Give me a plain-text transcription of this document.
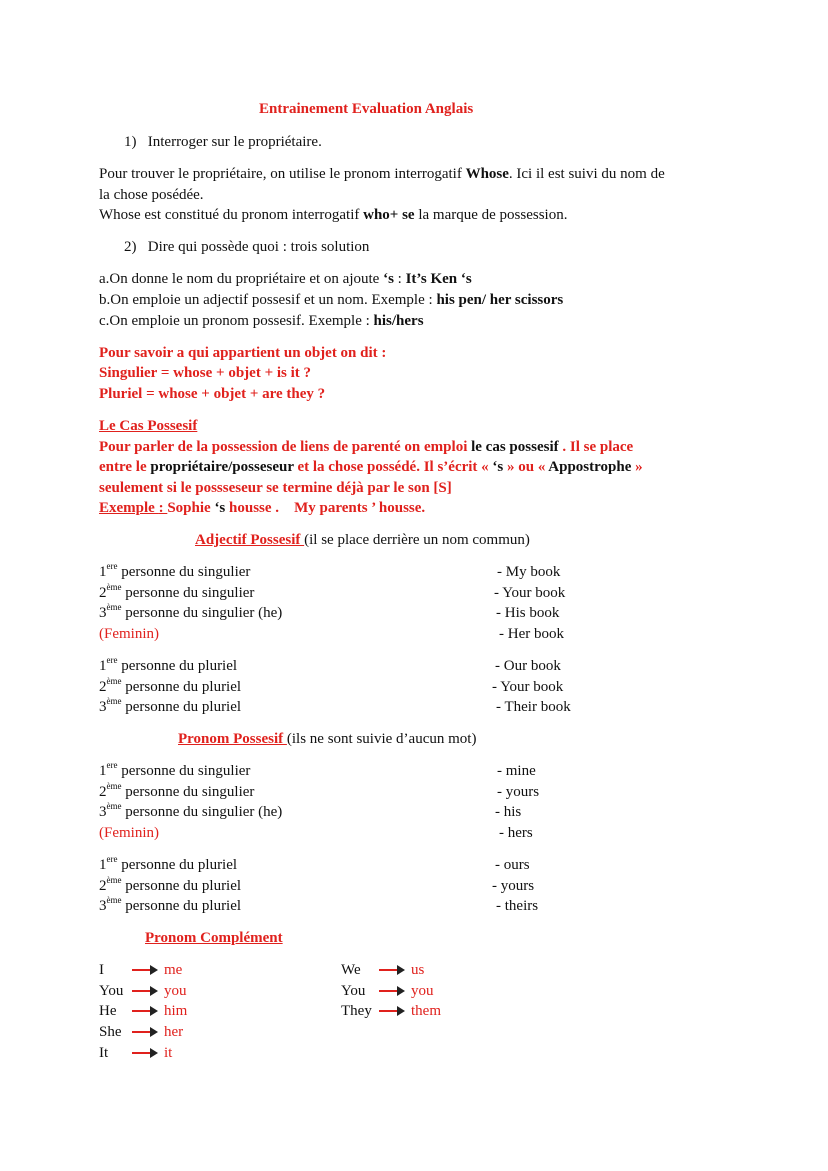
Entrainement Evaluation Anglais
1) Interroger sur le propriétaire.
Pour trouver le propriétaire, on utilise le pronom interrogatif Whose. Ici il est suivi du nom de
la chose posédée.
Whose est constitué du pronom interrogatif who+ se la marque de possession.
2) Dire qui possède quoi : trois solution
a.On donne le nom du propriétaire et on ajoute ‘s : It’s Ken ‘s
b.On emploie un adjectif possesif et un nom. Exemple : his pen/ her scissors
c.On emploie un pronom possesif. Exemple : his/hers
Pour savoir a qui appartient un objet on dit :
Singulier = whose + objet + is it ?
Pluriel = whose + objet + are they ?
Le Cas Possesif
Pour parler de la possession de liens de parenté on emploi le cas possesif . Il se place
entre le propriétaire/posseseur et la chose possédé. Il s’écrit « ‘s » ou « Appostrophe »
seulement si le possseseur se termine déjà par le son [S]
Exemple : Sophie ‘s housse . My parents ’ housse.
Adjectif Possesif (il se place derrière un nom commun)
1ere personne du singulier	- My book
2ème personne du singulier	- Your book
3ème personne du singulier (he)	- His book
(Feminin)	- Her book
1ere personne du pluriel	- Our book
2ème personne du pluriel	- Your book
3ème personne du pluriel	- Their book
Pronom Possesif (ils ne sont suivie d’aucun mot)
1ere personne du singulier	- mine
2ème personne du singulier	- yours
3ème personne du singulier (he)	- his
(Feminin)	- hers
1ere personne du pluriel	- ours
2ème personne du pluriel	- yours
3ème personne du pluriel	- theirs
Pronom Complément
I	me
You	you
He	him
She	her
It	it
We	us
You	you
They	them
